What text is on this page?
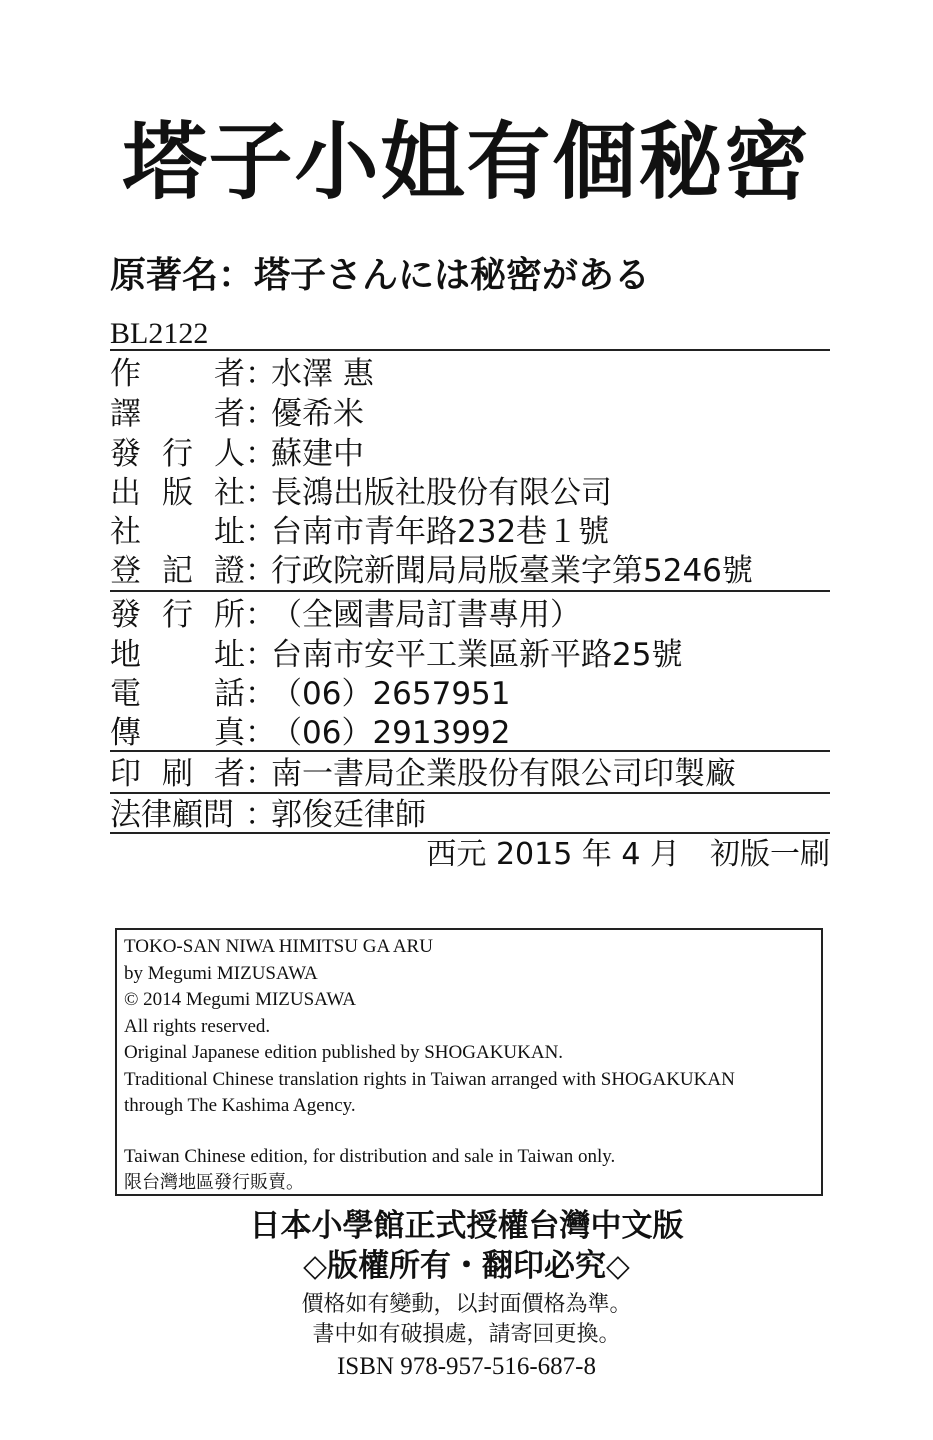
塔子小姐有個秘密

原著名：塔子さんには秘密がある

BL2122
作 者 ：
水澤 惠
譯 者 ：
優希米
發 行 人 ：
蘇建中
出 版 社 ：
長鴻出版社股份有限公司
社 址 ：
台南市青年路232巷１號
登 記 證 ：
行政院新聞局局版臺業字第5246號
發 行 所 ：
（全國書局訂書專用）
地 址 ：
台南市安平工業區新平路25號
電 話 ：
（06）2657951
傳 真 ：
（06）2913992
印 刷 者 ：
南一書局企業股份有限公司印製廠
法律顧問 ：
郭俊廷律師
西元 2015 年 4 月　初版一刷
TOKO-SAN NIWA HIMITSU GA ARU
by Megumi MIZUSAWA
© 2014 Megumi MIZUSAWA
All rights reserved.
Original Japanese edition published by SHOGAKUKAN.
Traditional Chinese translation rights in Taiwan arranged with SHOGAKUKAN
through The Kashima Agency.
Taiwan Chinese edition, for distribution and sale in Taiwan only.
限台灣地區發行販賣。
日本小學館正式授權台灣中文版
◇版權所有・翻印必究◇
價格如有變動，以封面價格為準。
書中如有破損處，請寄回更換。
ISBN 978-957-516-687-8
